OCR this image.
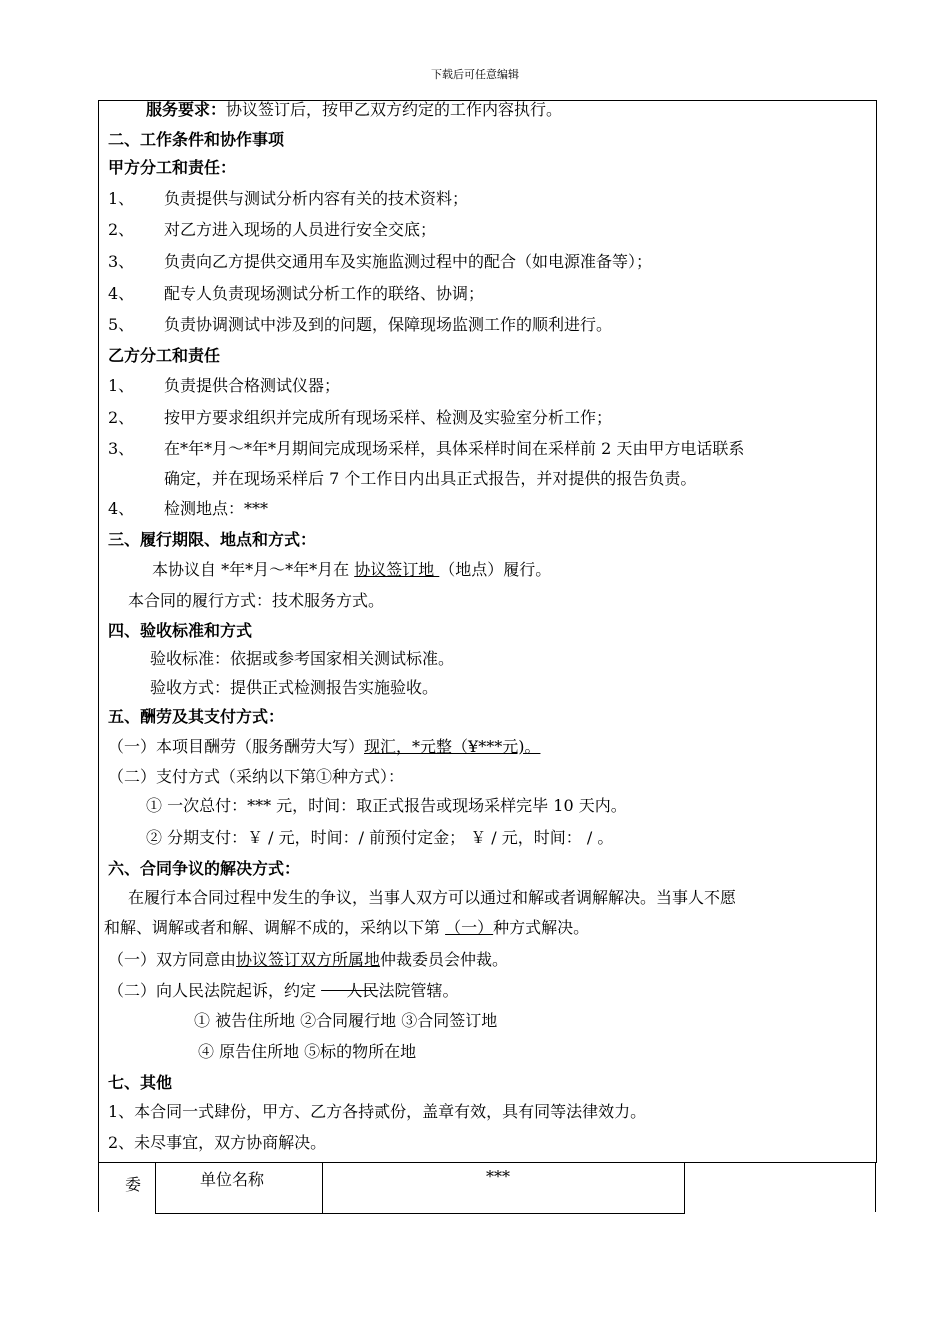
下载后可任意编辑
服务要求：协议签订后，按甲乙双方约定的工作内容执行。
二、工作条件和协作事项
甲方分工和责任：
1、 负责提供与测试分析内容有关的技术资料；
2、 对乙方进入现场的人员进行安全交底；
3、 负责向乙方提供交通用车及实施监测过程中的配合（如电源准备等）；
4、 配专人负责现场测试分析工作的联络、协调；
5、 负责协调测试中涉及到的问题，保障现场监测工作的顺利进行。
乙方分工和责任
1、 负责提供合格测试仪器；
2、 按甲方要求组织并完成所有现场采样、检测及实验室分析工作；
3、 在*年*月～*年*月期间完成现场采样，具体采样时间在采样前 2 天由甲方电话联系
确定，并在现场采样后 7 个工作日内出具正式报告，并对提供的报告负责。
4、 检测地点：***
三、履行期限、地点和方式：
本协议自 *年*月～*年*月在 协议签订地 （地点）履行。
本合同的履行方式：技术服务方式。
四、验收标准和方式
验收标准：依据或参考国家相关测试标准。
验收方式：提供正式检测报告实施验收。
五、酬劳及其支付方式：
（一）本项目酬劳（服务酬劳大写）现汇，*元整（¥***元)。
（二）支付方式（采纳以下第①种方式）：
① 一次总付：*** 元，时间：取正式报告或现场采样完毕 10 天内。
② 分期支付：￥ / 元，时间：/ 前预付定金； ￥ / 元，时间： / 。
六、合同争议的解决方式：
在履行本合同过程中发生的争议，当事人双方可以通过和解或者调解解决。当事人不愿
和解、调解或者和解、调解不成的，采纳以下第 （一）种方式解决。
（一）双方同意由协议签订双方所属地仲裁委员会仲裁。
（二）向人民法院起诉，约定      人民法院管辖。
① 被告住所地 ②合同履行地 ③合同签订地
④ 原告住所地 ⑤标的物所在地
七、其他
1、本合同一式肆份，甲方、乙方各持贰份，盖章有效，具有同等法律效力。
2、未尽事宜，双方协商解决。
委	单位名称	***
